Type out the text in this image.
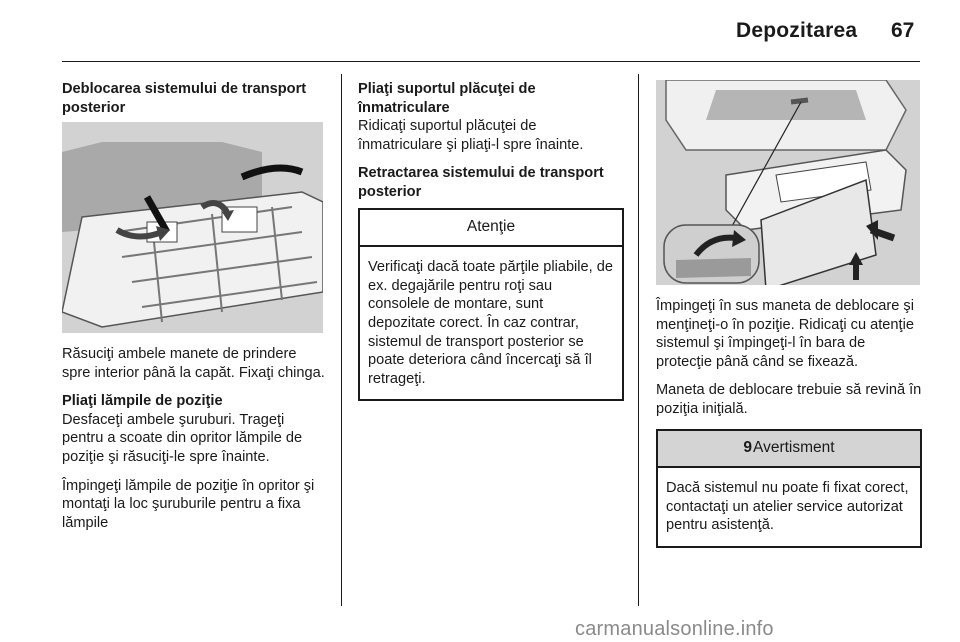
Depozitarea 67

Deblocarea sistemului de transport posterior

Răsuciţi ambele manete de prindere spre interior până la capăt. Fixaţi chinga.

Pliaţi lămpile de poziţie

Desfaceţi ambele şuruburi. Trageţi pentru a scoate din opritor lămpile de poziţie şi răsuciţi-le spre înainte.

Împingeţi lămpile de poziţie în opritor şi montaţi la loc şuruburile pentru a fixa lămpile

Pliaţi suportul plăcuţei de înmatriculare

Ridicaţi suportul plăcuţei de înmatriculare şi pliaţi-l spre înainte.

Retractarea sistemului de transport posterior

Atenţie
Verificaţi dacă toate părţile pliabile, de ex. degajările pentru roţi sau consolele de montare, sunt depozitate corect. În caz contrar, sistemul de transport posterior se poate deteriora când încercaţi să îl retrageţi.

Împingeţi în sus maneta de deblocare şi menţineţi-o în poziţie. Ridicaţi cu atenţie sistemul şi împingeţi-l în bara de protecţie până când se fixează.

Maneta de deblocare trebuie să revină în poziţia iniţială.

9Avertisment
Dacă sistemul nu poate fi fixat corect, contactaţi un atelier service autorizat pentru asistenţă.
carmanualsonline.info
